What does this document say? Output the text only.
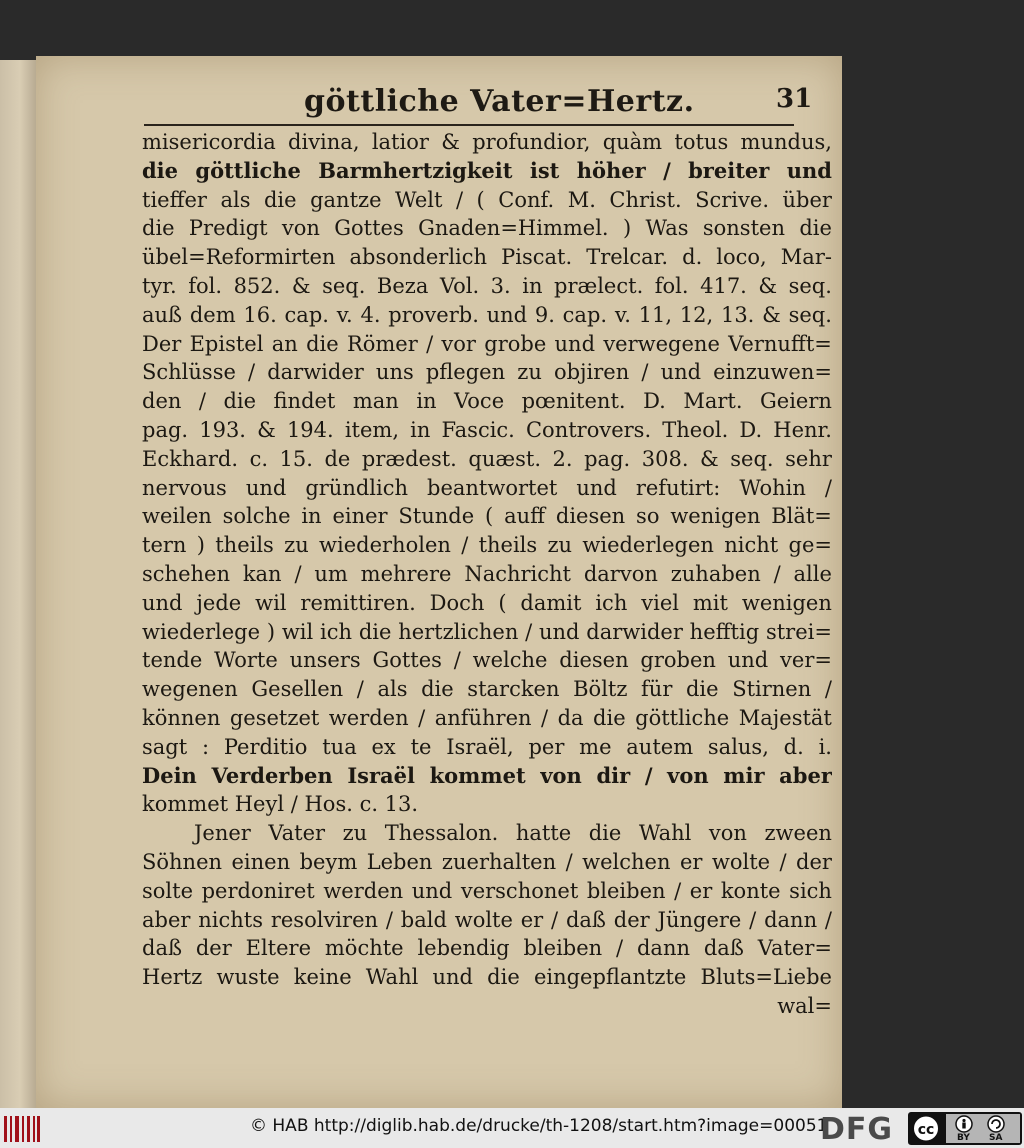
göttliche Vater=Hertz.	31
misericordia divina, latior & profundior, quàm totus mundus,
die göttliche Barmhertzigkeit ist höher / breiter und
tieffer als die gantze Welt / ( Conf. M. Christ. Scrive. über
die Predigt von Gottes Gnaden=Himmel. ) Was sonsten die
übel=Reformirten absonderlich Piscat. Trelcar. d. loco, Mar-
tyr. fol. 852. & seq. Beza Vol. 3. in prælect. fol. 417. & seq.
auß dem 16. cap. v. 4. proverb. und 9. cap. v. 11, 12, 13. & seq.
Der Epistel an die Römer / vor grobe und verwegene Vernufft=
Schlüsse / darwider uns pflegen zu objiren / und einzuwen=
den / die findet man in Voce pœnitent. D. Mart. Geiern
pag. 193. & 194. item, in Fascic. Controvers. Theol. D. Henr.
Eckhard. c. 15. de prædest. quæst. 2. pag. 308. & seq. sehr
nervous und gründlich beantwortet und refutirt: Wohin /
weilen solche in einer Stunde ( auff diesen so wenigen Blät=
tern ) theils zu wiederholen / theils zu wiederlegen nicht ge=
schehen kan / um mehrere Nachricht darvon zuhaben / alle
und jede wil remittiren. Doch ( damit ich viel mit wenigen
wiederlege ) wil ich die hertzlichen / und darwider hefftig strei=
tende Worte unsers Gottes / welche diesen groben und ver=
wegenen Gesellen / als die starcken Böltz für die Stirnen /
können gesetzet werden / anführen / da die göttliche Majestät
sagt : Perditio tua ex te Israël, per me autem salus, d. i.
Dein Verderben Israël kommet von dir / von mir aber
kommet Heyl / Hos. c. 13.
Jener Vater zu Thessalon. hatte die Wahl von zween
Söhnen einen beym Leben zuerhalten / welchen er wolte / der
solte perdoniret werden und verschonet bleiben / er konte sich
aber nichts resolviren / bald wolte er / daß der Jüngere / dann /
daß der Eltere möchte lebendig bleiben / dann daß Vater=
Hertz wuste keine Wahl und die eingepflantzte Bluts=Liebe
wal=
© HAB http://diglib.hab.de/drucke/th-1208/start.htm?image=00051
DFG cc	BY SA
